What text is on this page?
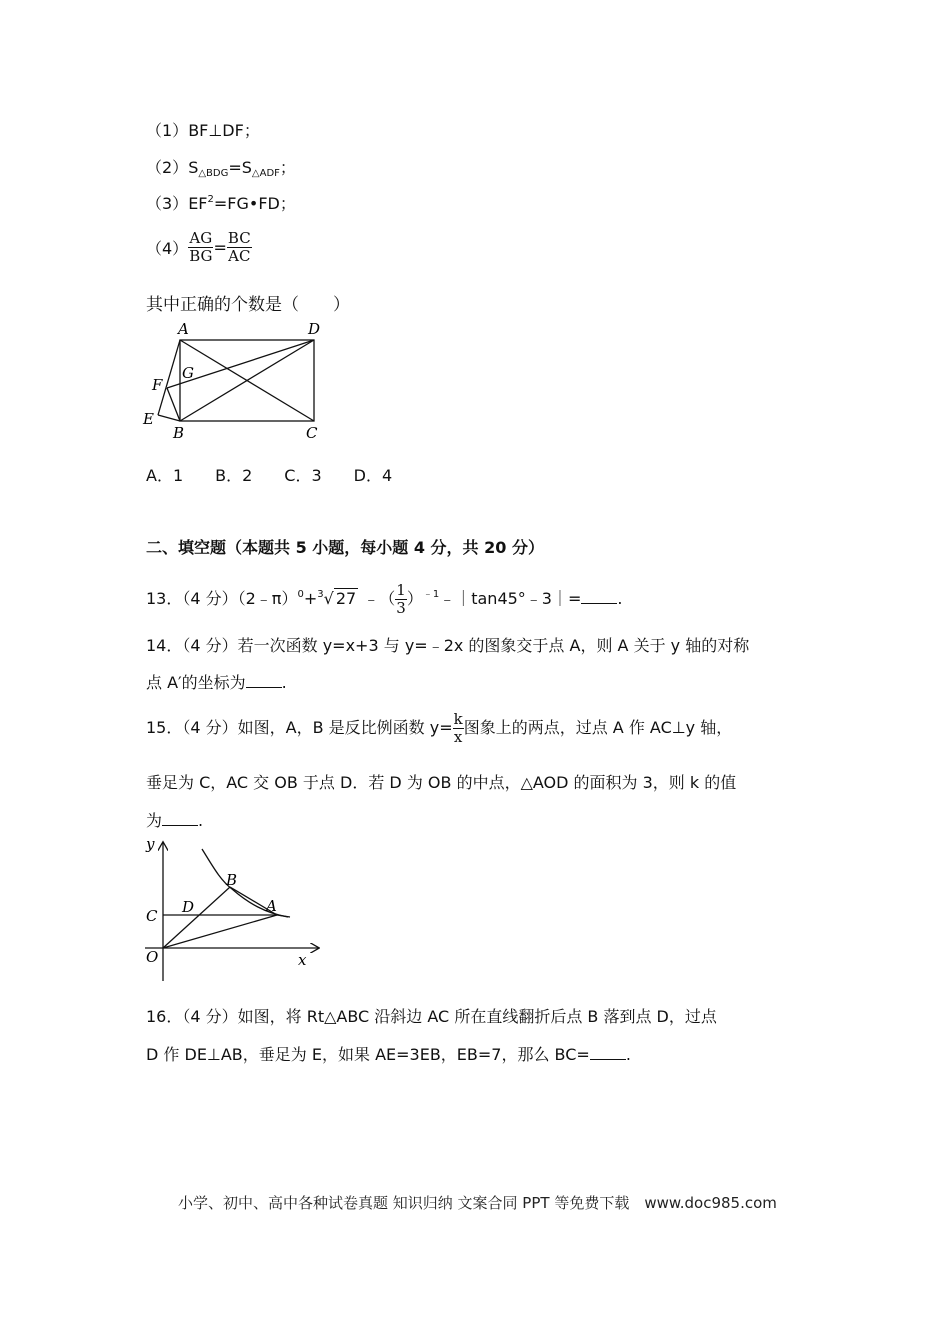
（1）BF⊥DF；
$(2)S_{\triangle BDG}=S_{\triangle ADF}$；
$(3)EF^2=FG•FD$；
$(4) \frac{AG}{BG} = \frac{BC}{AC}$
其中正确的个数是（　　）
A	D
F
G
E
B	C
A．1　　B．2　　C．3　　D．4
二、填空题（本题共 5 小题，每小题 4 分，共 20 分）
13．（4 分）（2﹣π）$^0$+$^3$√ 27 ﹣（ $\frac{1}{3}$ ）$^{﹣1}$﹣｜tan45°﹣3｜= .
14．（4 分）若一次函数 y=x+3 与 y=﹣2x 的图象交于点 A，则 A 关于 y 轴的对称
点 A′的坐标为 .
15．（4 分）如图，A，B 是反比例函数 $y= \frac{k}{x}$ 图象上的两点，过点 A 作 AC⊥y 轴，
垂足为 C，AC 交 OB 于点 D．若 D 为 OB 的中点，△AOD 的面积为 3，则 k 的值
为 .
y
x
O
C D
B
A
16．（4 分）如图，将 Rt△ABC 沿斜边 AC 所在直线翻折后点 B 落到点 D，过点
D 作 DE⊥AB，垂足为 E，如果 AE=3EB，EB=7，那么 BC= .
小学、初中、高中各种试卷真题 知识归纳 文案合同 PPT 等免费下载　www.doc985.com
